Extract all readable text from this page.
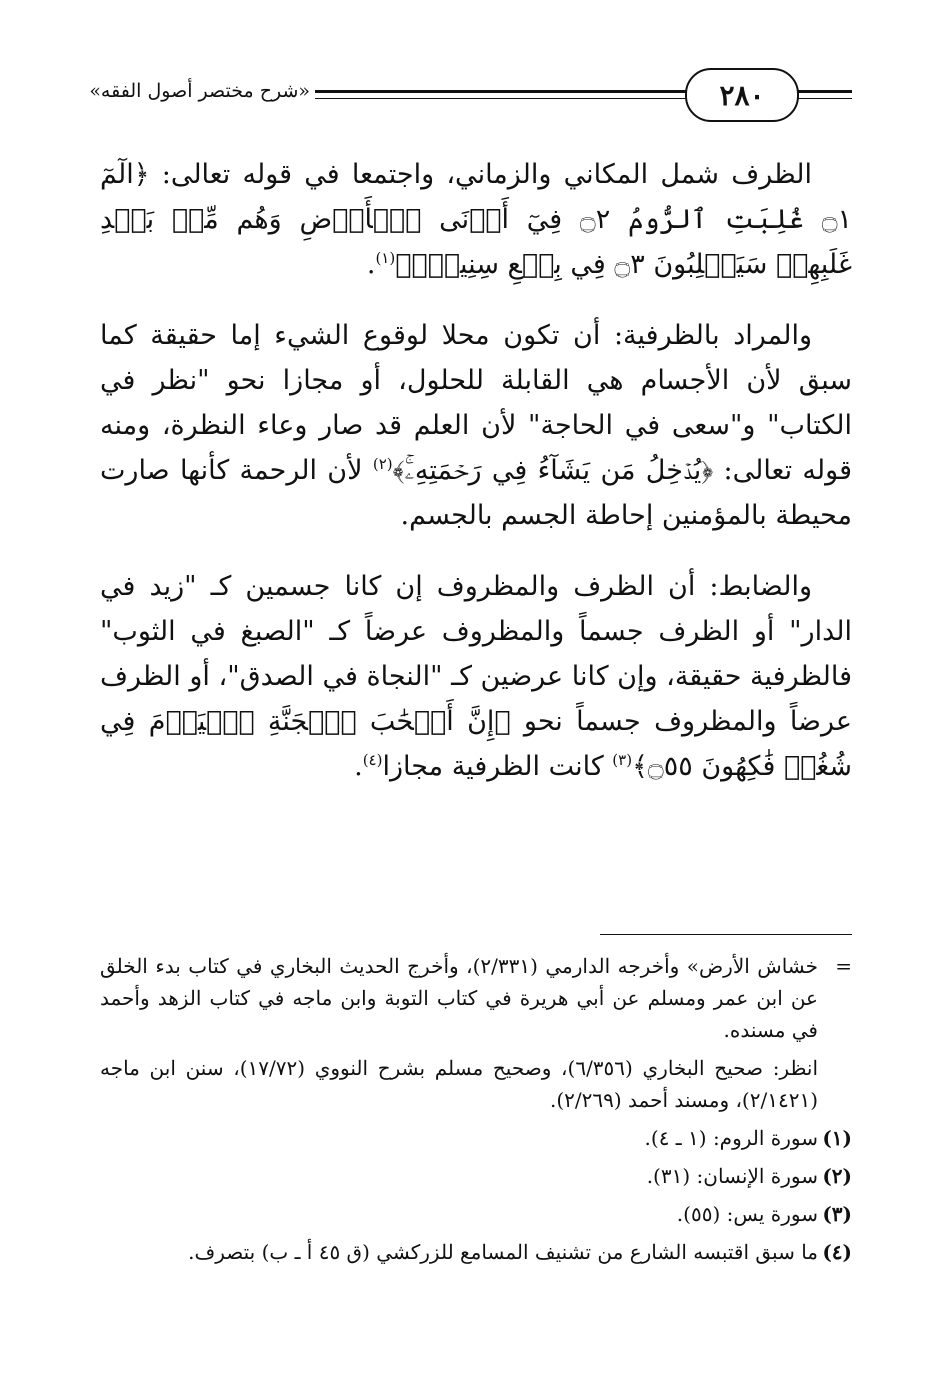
٢٨٠
«شرح مختصر أصول الفقه»

الظرف شمل المكاني والزماني، واجتمعا في قوله تعالى: ﴿الٓمٓ ۝١ غُلِبَتِ ٱلرُّومُ ۝٢ فِيٓ أَدۡنَى ٱلۡأَرۡضِ وَهُم مِّنۢ بَعۡدِ غَلَبِهِمۡ سَيَغۡلِبُونَ ۝٣ فِي بِضۡعِ سِنِينَۗ﴾$^{(١)}$.

والمراد بالظرفية: أن تكون محلا لوقوع الشيء إما حقيقة كما سبق لأن الأجسام هي القابلة للحلول، أو مجازا نحو "نظر في الكتاب" و"سعى في الحاجة" لأن العلم قد صار وعاء النظرة، ومنه قوله تعالى: ﴿يُدۡخِلُ مَن يَشَآءُ فِي رَحۡمَتِهِۦۚ﴾$^{(٢)}$ لأن الرحمة كأنها صارت محيطة بالمؤمنين إحاطة الجسم بالجسم.

والضابط: أن الظرف والمظروف إن كانا جسمين كـ "زيد في الدار" أو الظرف جسماً والمظروف عرضاً كـ "الصبغ في الثوب" فالظرفية حقيقة، وإن كانا عرضين كـ "النجاة في الصدق"، أو الظرف عرضاً والمظروف جسماً نحو ﴿إِنَّ أَصۡحَٰبَ ٱلۡجَنَّةِ ٱلۡيَوۡمَ فِي شُغُلٖ فَٰكِهُونَ ۝٥٥﴾$^{(٣)}$ كانت الظرفية مجازا$^{(٤)}$.

=
خشاش الأرض» وأخرجه الدارمي (٢/٣٣١)، وأخرج الحديث البخاري في كتاب بدء الخلق عن ابن عمر ومسلم عن أبي هريرة في كتاب التوبة وابن ماجه في كتاب الزهد وأحمد في مسنده.
انظر: صحيح البخاري (٦/٣٥٦)، وصحيح مسلم بشرح النووي (١٧/٧٢)، سنن ابن ماجه (٢/١٤٢١)، ومسند أحمد (٢/٢٦٩).
(١)
سورة الروم: (١ ـ ٤).
(٢)
سورة الإنسان: (٣١).
(٣)
سورة يس: (٥٥).
(٤)
ما سبق اقتبسه الشارع من تشنيف المسامع للزركشي (ق ٤٥ أ ـ ب) بتصرف.
